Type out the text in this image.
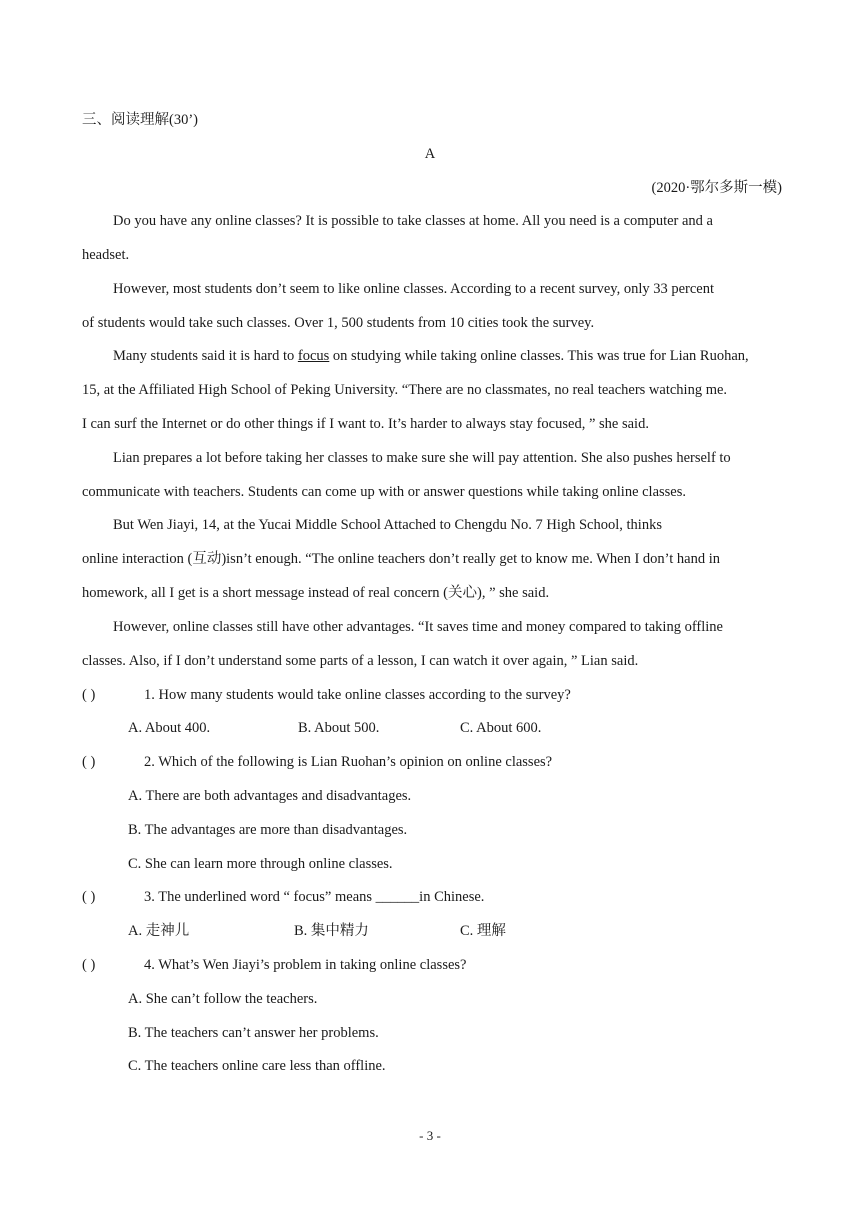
三、阅读理解(30’)
A
(2020·鄂尔多斯一模)
Do you have any online classes? It is possible to take classes at home. All you need is a computer and a
headset.
However, most students don’t seem to like online classes. According to a recent survey, only 33 percent
of students would take such classes. Over 1, 500 students from 10 cities took the survey.
Many students said it is hard to focus on studying while taking online classes. This was true for Lian Ruohan,
15, at the Affiliated High School of Peking University. “There are no classmates, no real teachers watching me.
I can surf the Internet or do other things if I want to. It’s harder to always stay focused, ” she said.
Lian prepares a lot before taking her classes to make sure she will pay attention. She also pushes herself to
communicate with teachers. Students can come up with or answer questions while taking online classes.
But Wen Jiayi, 14, at the Yucai Middle School Attached to Chengdu No. 7 High School, thinks
online interaction (互动)isn’t enough. “The online teachers don’t really get to know me. When I don’t hand in
homework, all I get is a short message instead of real concern (关心), ” she said.
However, online classes still have other advantages. “It saves time and money compared to taking offline
classes. Also, if I don’t understand some parts of a lesson, I can watch it over again, ” Lian said.
( )	1. How many students would take online classes according to the survey?
A. About 400.	B. About 500.	C. About 600.
( )	2. Which of the following is Lian Ruohan’s opinion on online classes?
A. There are both advantages and disadvantages.
B. The advantages are more than disadvantages.
C. She can learn more through online classes.
( )	3. The underlined word “ focus” means ______in Chinese.
A. 走神儿	B. 集中精力	C. 理解
( )	4. What’s Wen Jiayi’s problem in taking online classes?
A. She can’t follow the teachers.
B. The teachers can’t answer her problems.
C. The teachers online care less than offline.
- 3 -
